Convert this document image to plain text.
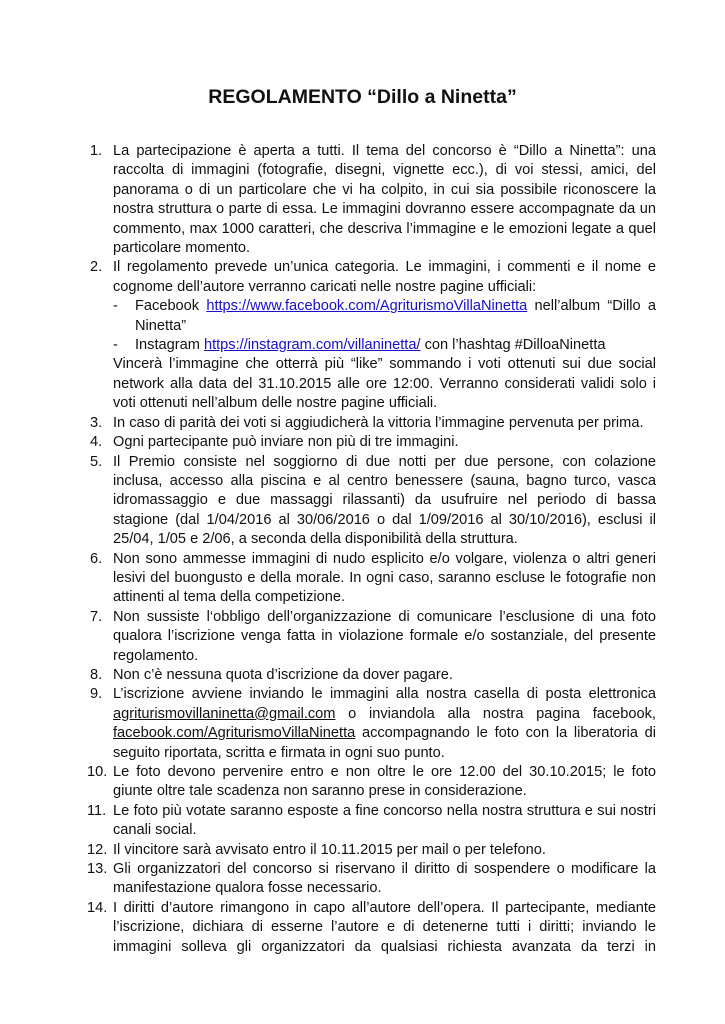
REGOLAMENTO “Dillo a Ninetta”
1. La partecipazione è aperta a tutti. Il tema del concorso è “Dillo a Ninetta”: una raccolta di immagini (fotografie, disegni, vignette ecc.), di voi stessi, amici, del panorama o di un particolare che vi ha colpito, in cui sia possibile riconoscere la nostra struttura o parte di essa. Le immagini dovranno essere accompagnate da un commento, max 1000 caratteri, che descriva l’immagine e le emozioni legate a quel particolare momento.
2. Il regolamento prevede un’unica categoria. Le immagini, i commenti e il nome e cognome dell’autore verranno caricati nelle nostre pagine ufficiali:
- Facebook https://www.facebook.com/AgriturismoVillaNinetta nell’album “Dillo a Ninetta”
- Instagram https://instagram.com/villaninetta/ con l’hashtag #DilloaNinetta
Vincerà l’immagine che otterrà più “like” sommando i voti ottenuti sui due social network alla data del 31.10.2015 alle ore 12:00. Verranno considerati validi solo i voti ottenuti nell’album delle nostre pagine ufficiali.
3. In caso di parità dei voti si aggiudicherà la vittoria l’immagine pervenuta per prima.
4. Ogni partecipante può inviare non più di tre immagini.
5. Il Premio consiste nel soggiorno di due notti per due persone, con colazione inclusa, accesso alla piscina e al centro benessere (sauna, bagno turco, vasca idromassaggio e due massaggi rilassanti) da usufruire nel periodo di bassa stagione (dal 1/04/2016 al 30/06/2016 o dal 1/09/2016 al 30/10/2016), esclusi il 25/04, 1/05 e 2/06, a seconda della disponibilità della struttura.
6. Non sono ammesse immagini di nudo esplicito e/o volgare, violenza o altri generi lesivi del buongusto e della morale. In ogni caso, saranno escluse le fotografie non attinenti al tema della competizione.
7. Non sussiste l‘obbligo dell’organizzazione di comunicare l’esclusione di una foto qualora l’iscrizione venga fatta in violazione formale e/o sostanziale, del presente regolamento.
8. Non c’è nessuna quota d’iscrizione da dover pagare.
9. L’iscrizione avviene inviando le immagini alla nostra casella di posta elettronica agriturismovillaninetta@gmail.com o inviandola alla nostra pagina facebook, facebook.com/AgriturismoVillaNinetta accompagnando le foto con la liberatoria di seguito riportata, scritta e firmata in ogni suo punto.
10. Le foto devono pervenire entro e non oltre le ore 12.00 del 30.10.2015; le foto giunte oltre tale scadenza non saranno prese in considerazione.
11. Le foto più votate saranno esposte a fine concorso nella nostra struttura e sui nostri canali social.
12. Il vincitore sarà avvisato entro il 10.11.2015 per mail o per telefono.
13. Gli organizzatori del concorso si riservano il diritto di sospendere o modificare la manifestazione qualora fosse necessario.
14. I diritti d’autore rimangono in capo all’autore dell’opera. Il partecipante, mediante l’iscrizione, dichiara di esserne l’autore e di detenerne tutti i diritti; inviando le immagini solleva gli organizzatori da qualsiasi richiesta avanzata da terzi in
